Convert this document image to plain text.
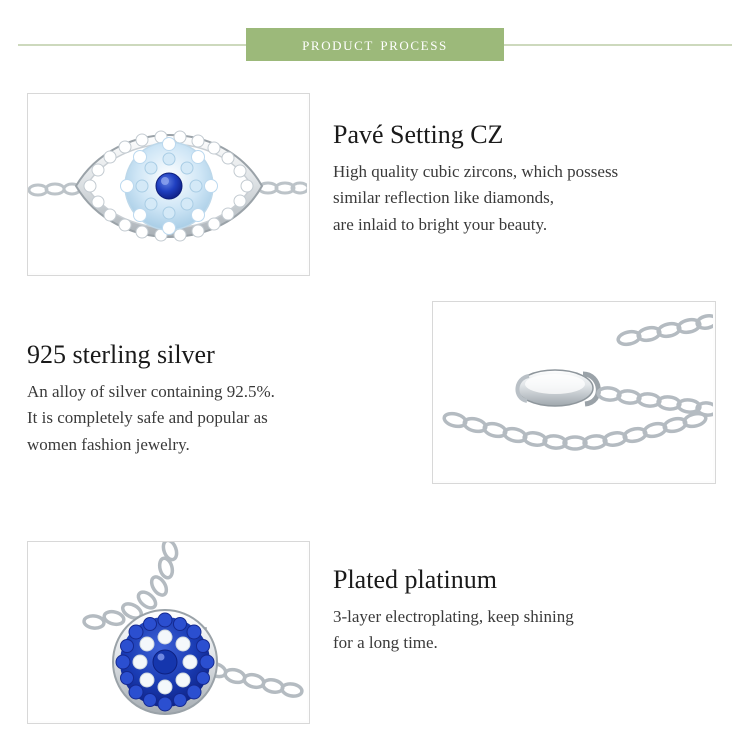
product process
Pavé Setting CZ
High quality cubic zircons, which possess
similar reflection like diamonds,
are inlaid to bright your beauty.
925 sterling silver
An alloy of silver containing 92.5%.
It is completely safe and popular as
women fashion jewelry.
Plated platinum
3-layer electroplating, keep shining
for a long time.
